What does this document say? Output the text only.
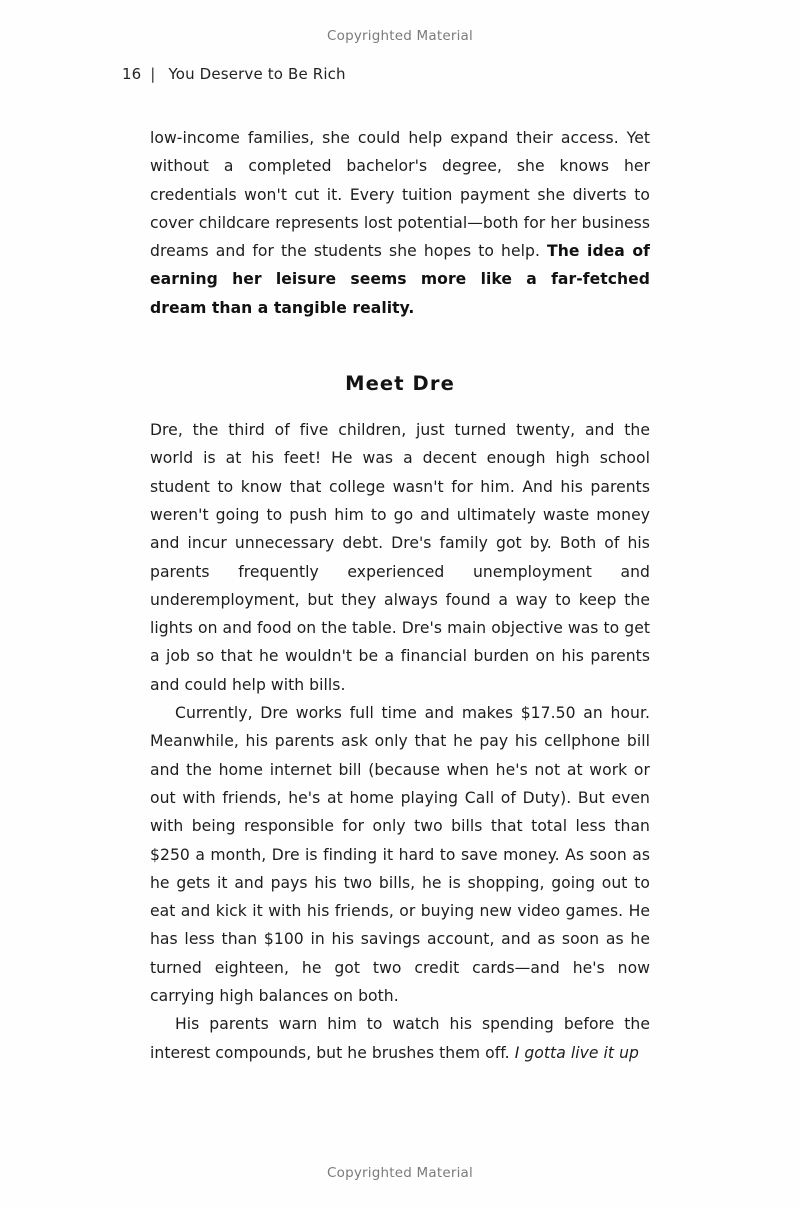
Copyrighted Material
16 | You Deserve to Be Rich

low-income families, she could help expand their access. Yet without a completed bachelor's degree, she knows her credentials won't cut it. Every tuition payment she diverts to cover childcare represents lost potential—both for her business dreams and for the students she hopes to help. The idea of earning her leisure seems more like a far-fetched dream than a tangible reality.

Meet Dre

Dre, the third of five children, just turned twenty, and the world is at his feet! He was a decent enough high school student to know that college wasn't for him. And his parents weren't going to push him to go and ultimately waste money and incur unnecessary debt. Dre's family got by. Both of his parents frequently experienced unemployment and underemployment, but they always found a way to keep the lights on and food on the table. Dre's main objective was to get a job so that he wouldn't be a financial burden on his parents and could help with bills.

Currently, Dre works full time and makes $17.50 an hour. Meanwhile, his parents ask only that he pay his cellphone bill and the home internet bill (because when he's not at work or out with friends, he's at home playing Call of Duty). But even with being responsible for only two bills that total less than $250 a month, Dre is finding it hard to save money. As soon as he gets it and pays his two bills, he is shopping, going out to eat and kick it with his friends, or buying new video games. He has less than $100 in his savings account, and as soon as he turned eighteen, he got two credit cards—and he's now carrying high balances on both.

His parents warn him to watch his spending before the interest compounds, but he brushes them off. I gotta live it up

Copyrighted Material
